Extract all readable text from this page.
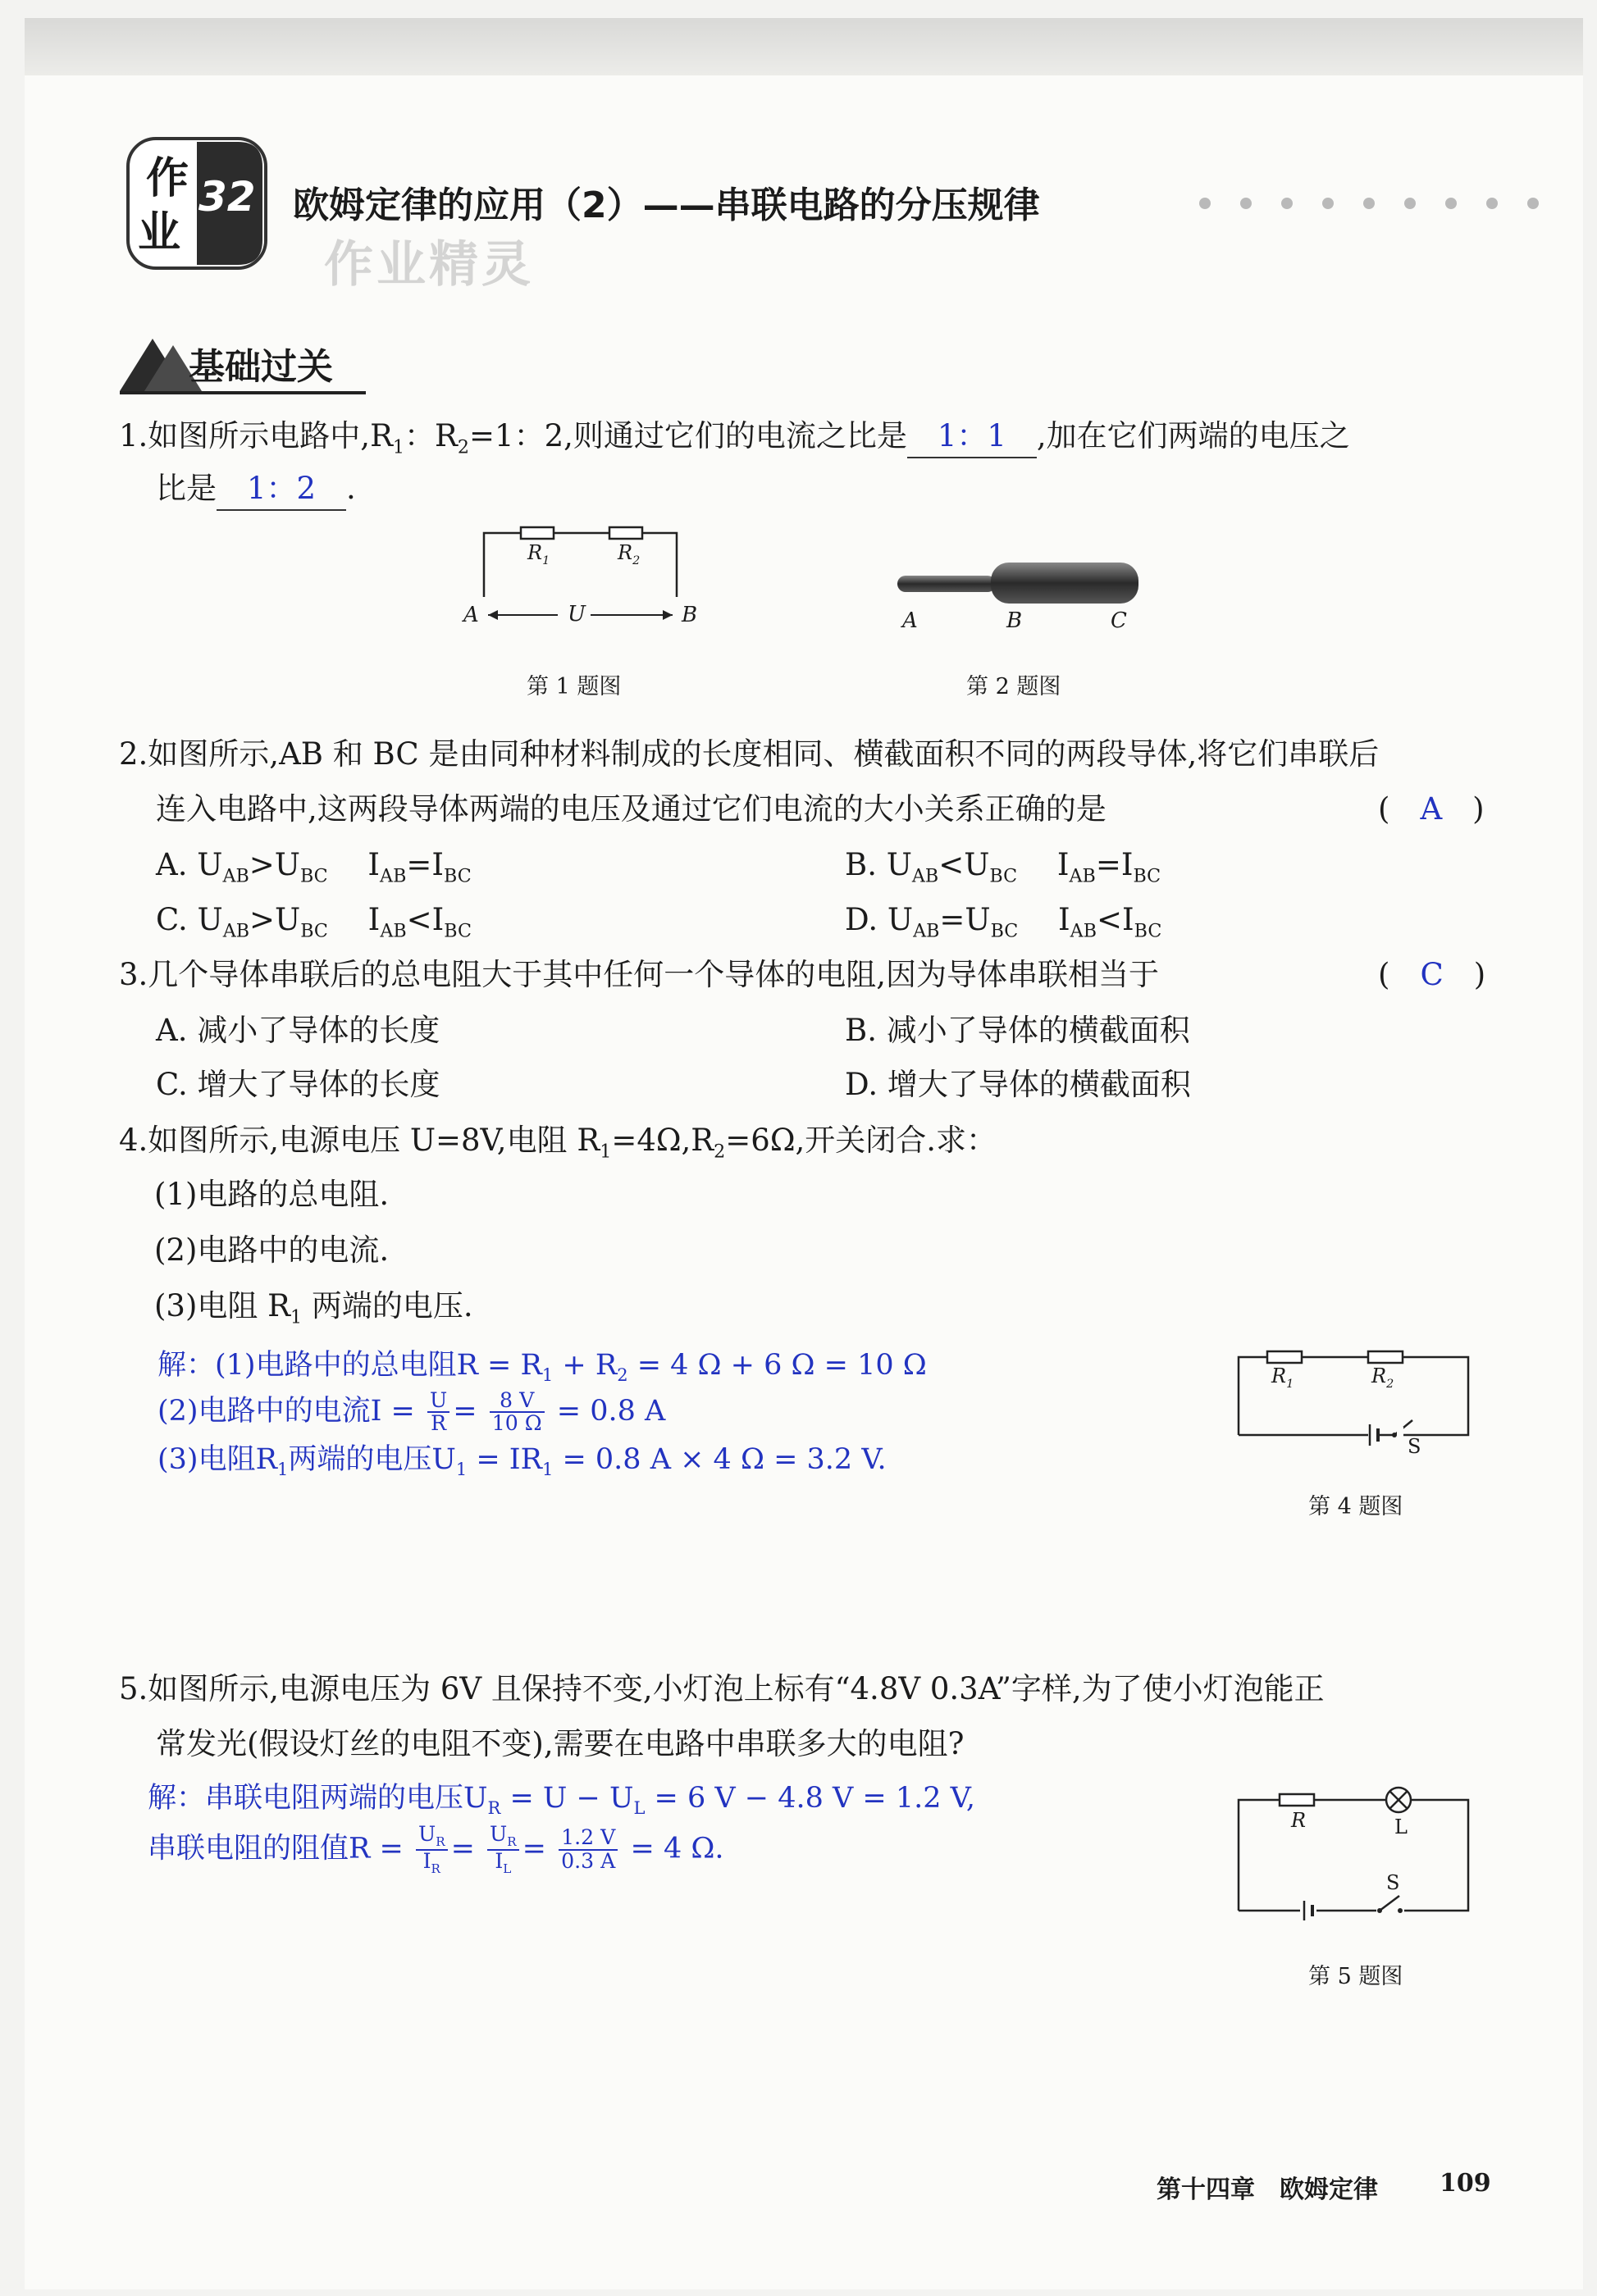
作
业
32 欧姆定律的应用（2）——串联电路的分压规律
作业精灵
基础过关
1.如图所示电路中$,R_1$：$R_2=1$：2,则通过它们的电流之比是 1：1 ,加在它们两端的电压之
比是 1：2 .
$R_1$	$R_2$
A	U	B
第 1 题图
A	B	C
第 2 题图
2.如图所示,AB 和 BC 是由同种材料制成的长度相同、横截面积不同的两段导体,将它们串联后
连入电路中,这两段导体两端的电压及通过它们电流的大小关系正确的是	(　A　)
A. $U_{AB}>U_{BC}$　 $I_{AB}=I_{BC}$	B. $U_{AB}<U_{BC}$　 $I_{AB}=I_{BC}$
C. $U_{AB}>U_{BC}$　 $I_{AB}<I_{BC}$	D. $U_{AB}=U_{BC}$　 $I_{AB}<I_{BC}$
3.几个导体串联后的总电阻大于其中任何一个导体的电阻,因为导体串联相当于	(　C　)
A. 减小了导体的长度	B. 减小了导体的横截面积
C. 增大了导体的长度	D. 增大了导体的横截面积
4.如图所示,电源电压 U=8V,电阻 $R_1=4\Omega,R_2=6\Omega$,开关闭合.求：
(1)电路的总电阻.
(2)电路中的电流.
(3)电阻 $R_1$ 两端的电压.
解：(1)电路中的总电阻$R = R_1 + R_2 = 4$ Ω + 6 Ω = 10 Ω
(2)电路中的电流$I = \frac{U}{R} = \frac{8 V}{10 \Omega} = 0.8$ A
(3)电阻$R_1$两端的电压$U_1 = IR_1 = 0.8$ A × 4 Ω = 3.2 V.
$R_1$	$R_2$
S
第 4 题图
5.如图所示,电源电压为 6V 且保持不变,小灯泡上标有“4.8V 0.3A”字样,为了使小灯泡能正
常发光(假设灯丝的电阻不变),需要在电路中串联多大的电阻?
解：串联电阻两端的电压$U_R = U - U_L = 6$ V − 4.8 V = 1.2 V,
串联电阻的阻值$R = \frac{U_R}{I_R} = \frac{U_R}{I_L} = \frac{1.2 V}{0.3 A} = 4$ Ω.
R	L
S
第 5 题图
第十四章　欧姆定律	109
